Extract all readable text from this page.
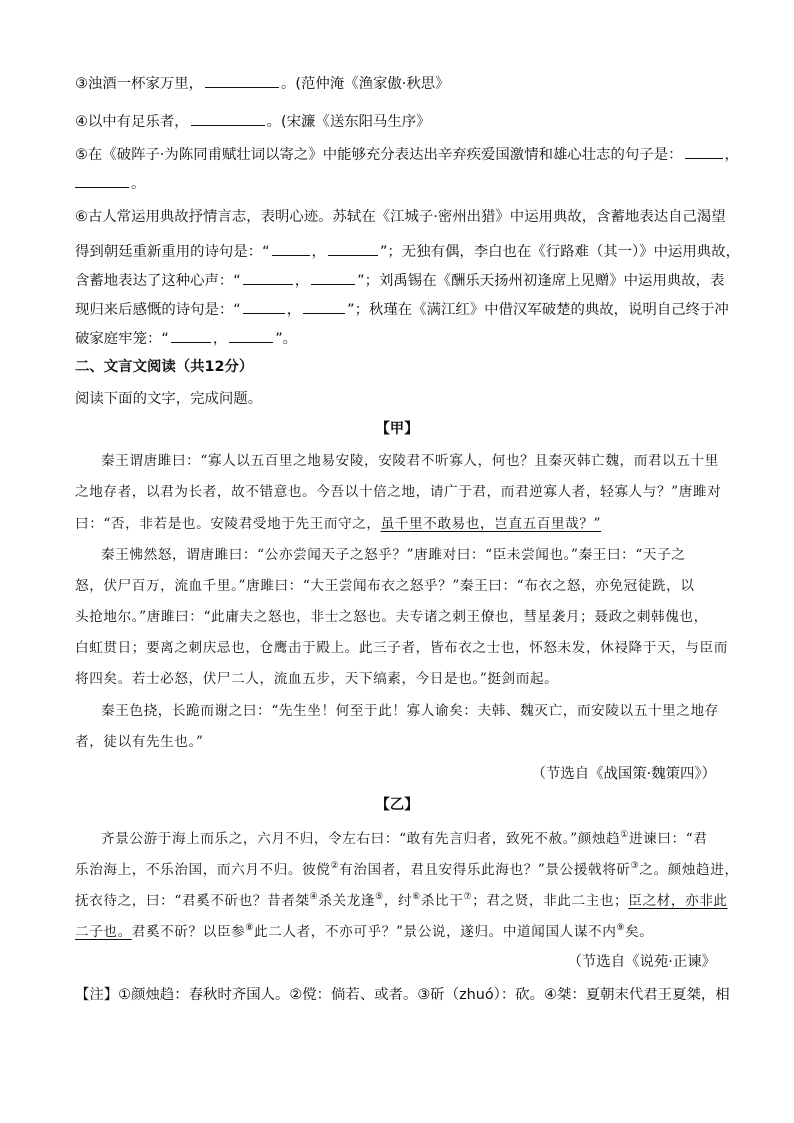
③浊酒一杯家万里，	。(范仲淹《渔家傲·秋思》
④以中有足乐者，	。(宋濂《送东阳马生序》
⑤在《破阵子·为陈同甫赋壮词以寄之》中能够充分表达出辛弃疾爱国激情和雄心壮志的句子是：	，
。
⑥古人常运用典故抒情言志，表明心迹。苏轼在《江城子·密州出猎》中运用典故，含蓄地表达自己渴望
得到朝廷重新重用的诗句是：“	，	”；无独有偶，李白也在《行路难（其一）》中运用典故，
含蓄地表达了这种心声：“	，	”；刘禹锡在《酬乐天扬州初逢席上见赠》中运用典故，表
现归来后感慨的诗句是：“	，	”；秋瑾在《满江红》中借汉军破楚的典故，说明自己终于冲
破家庭牢笼：“	，	”。
二、文言文阅读（共12分）
阅读下面的文字，完成问题。
【甲】
秦王谓唐雎曰：“寡人以五百里之地易安陵，安陵君不听寡人，何也？且秦灭韩亡魏，而君以五十里
之地存者，以君为长者，故不错意也。今吾以十倍之地，请广于君，而君逆寡人者，轻寡人与？”唐雎对
曰：“否，非若是也。安陵君受地于先王而守之，虽千里不敢易也，岂直五百里哉？”
秦王怫然怒，谓唐雎曰：“公亦尝闻天子之怒乎？”唐雎对曰：“臣未尝闻也。”秦王曰：“天子之
怒，伏尸百万，流血千里。”唐雎曰：“大王尝闻布衣之怒乎？”秦王曰：“布衣之怒，亦免冠徒跣，以
头抢地尔。”唐雎曰：“此庸夫之怒也，非士之怒也。夫专诸之刺王僚也，彗星袭月；聂政之刺韩傀也，
白虹贯日；要离之刺庆忌也，仓鹰击于殿上。此三子者，皆布衣之士也，怀怒未发，休祲降于天，与臣而
将四矣。若士必怒，伏尸二人，流血五步，天下缟素，今日是也。”挺剑而起。
秦王色挠，长跪而谢之曰：“先生坐！何至于此！寡人谕矣：夫韩、魏灭亡，而安陵以五十里之地存
者，徒以有先生也。”
（节选自《战国策·魏策四》）
【乙】
齐景公游于海上而乐之，六月不归，令左右曰：“敢有先言归者，致死不赦。”颜烛趋①进谏曰：“君
乐治海上，不乐治国，而六月不归。彼傥②有治国者，君且安得乐此海也？”景公援戟将斫③之。颜烛趋进，
抚衣待之，曰：“君奚不斫也？昔者桀④杀关龙逢⑤，纣⑥杀比干⑦；君之贤，非此二主也；臣之材，亦非此
二子也。君奚不斫？以臣参⑧此二人者，不亦可乎？”景公说，遂归。中道闻国人谋不内⑨矣。
（节选自《说苑·正谏》
【注】①颜烛趋：春秋时齐国人。②傥：倘若、或者。③斫（zhuó）：砍。④桀：夏朝末代君王夏桀，相
